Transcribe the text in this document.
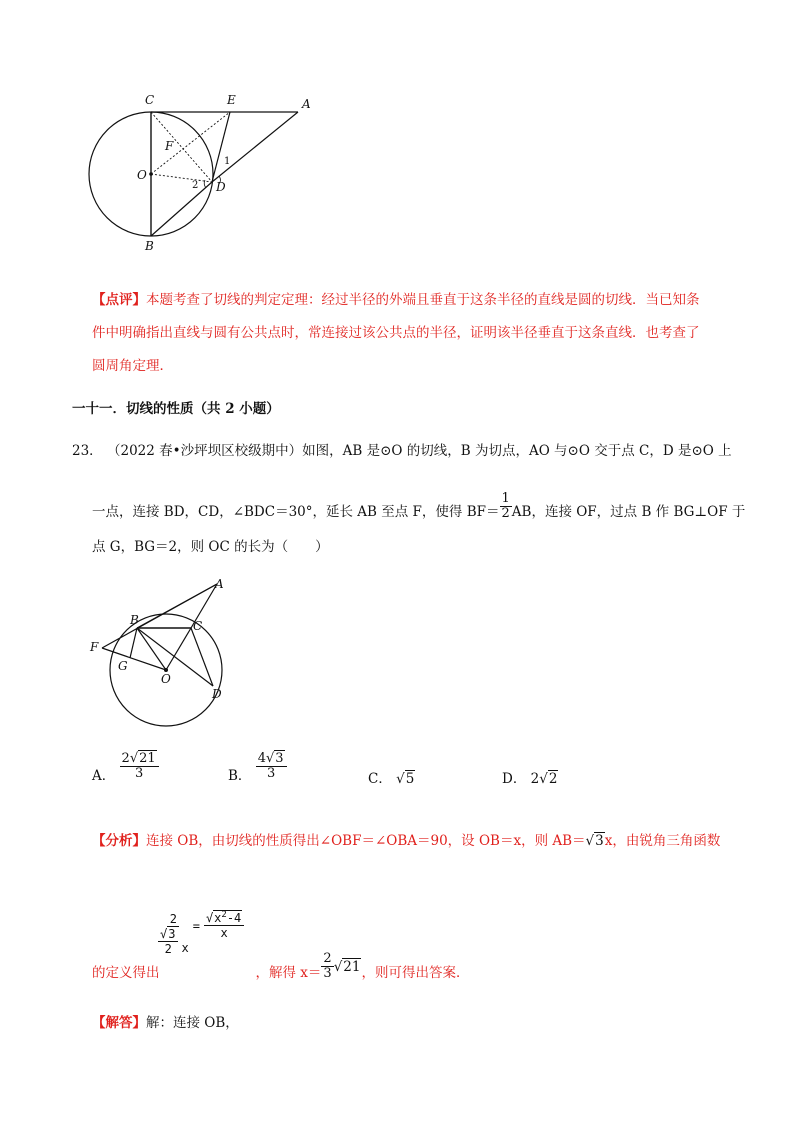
C	E	A
F
O
D
B
1
2
【点评】本题考查了切线的判定定理：经过半径的外端且垂直于这条半径的直线是圆的切线．当已知条
件中明确指出直线与圆有公共点时，常连接过该公共点的半径，证明该半径垂直于这条直线．也考查了
圆周角定理．
一十一．切线的性质（共 2 小题）
23． （2022 春•沙坪坝区校级期中）如图，AB 是⊙O 的切线，B 为切点，AO 与⊙O 交于点 C，D 是⊙O 上
一点，连接 BD，CD，∠BDC＝30°，延长 AB 至点 F，使得 $BF= \frac{1}{2}$ AB，连接 OF，过点 B 作 BG⊥OF 于
点 G，BG＝2，则 OC 的长为（　　）
A
B	C
F
G
O
D
A． $\frac{2√21}{3}$	B． $\frac{4√3}{3}$	C． √5	D． 2√2
【分析】连接 OB，由切线的性质得出∠OBF＝∠OBA＝90，设 OB＝x，则 AB＝√3x，由锐角三角函数
$\frac{2}{\frac{√3}{2} x} = \frac{√x^2-4}{x}$
的定义得出	，解得 $x= \frac{2}{3} √21$ ，则可得出答案．
【解答】解：连接 OB，
